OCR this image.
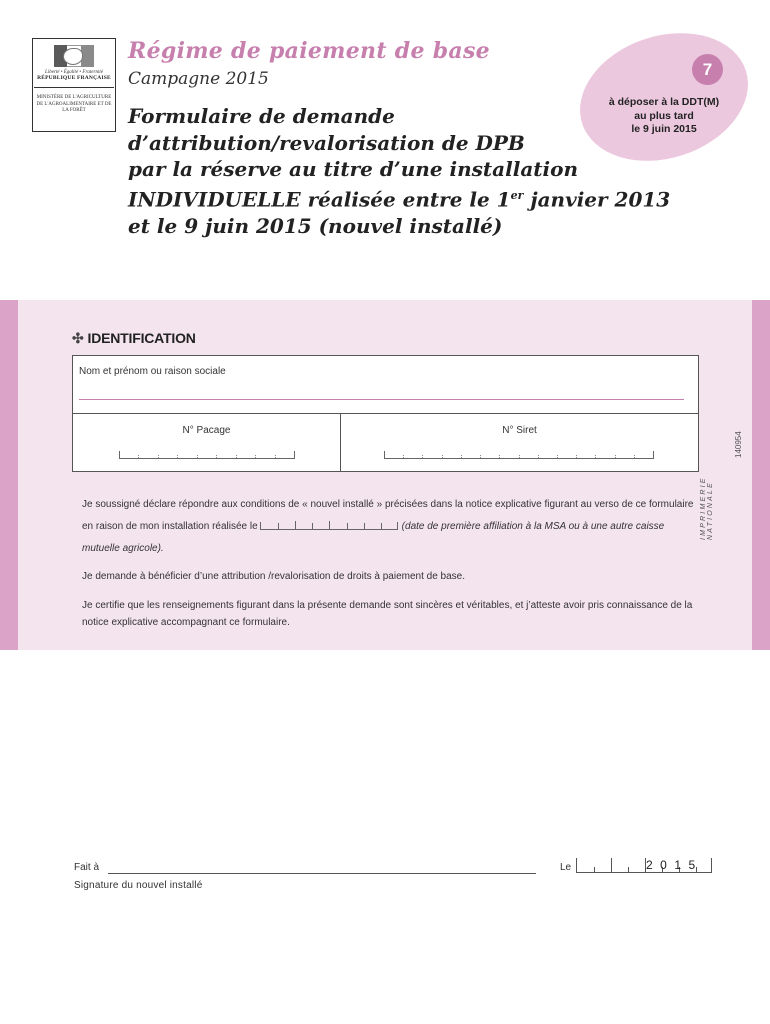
Liberté • Égalité • Fraternité
RÉPUBLIQUE FRANÇAISE
MINISTÈRE DE L'AGRICULTURE DE L'AGROALIMENTAIRE ET DE LA FORÊT
Régime de paiement de base
Campagne 2015
Formulaire de demande
d’attribution/revalorisation de DPB
par la réserve au titre d’une installation
INDIVIDUELLE réalisée entre le 1er janvier 2013
et le 9 juin 2015 (nouvel installé)
7
à déposer à la DDT(M)
au plus tard
le 9 juin 2015
IMPRIMERIE NATIONALE
140954
✣ IDENTIFICATION
Nom et prénom ou raison sociale
N° Pacage	N° Siret
Je soussigné déclare répondre aux conditions de « nouvel installé » précisées dans la notice explicative figurant au verso de ce formulaire en raison de mon installation réalisée le	(date de première affiliation à la MSA ou à une autre caisse mutuelle agricole).
Je demande à bénéficier d’une attribution /revalorisation de droits à paiement de base.
Je certifie que les renseignements figurant dans la présente demande sont sincères et véritables, et j’atteste avoir pris connaissance de la notice explicative accompagnant ce formulaire.
Fait à
Signature du nouvel installé
Le	2015
